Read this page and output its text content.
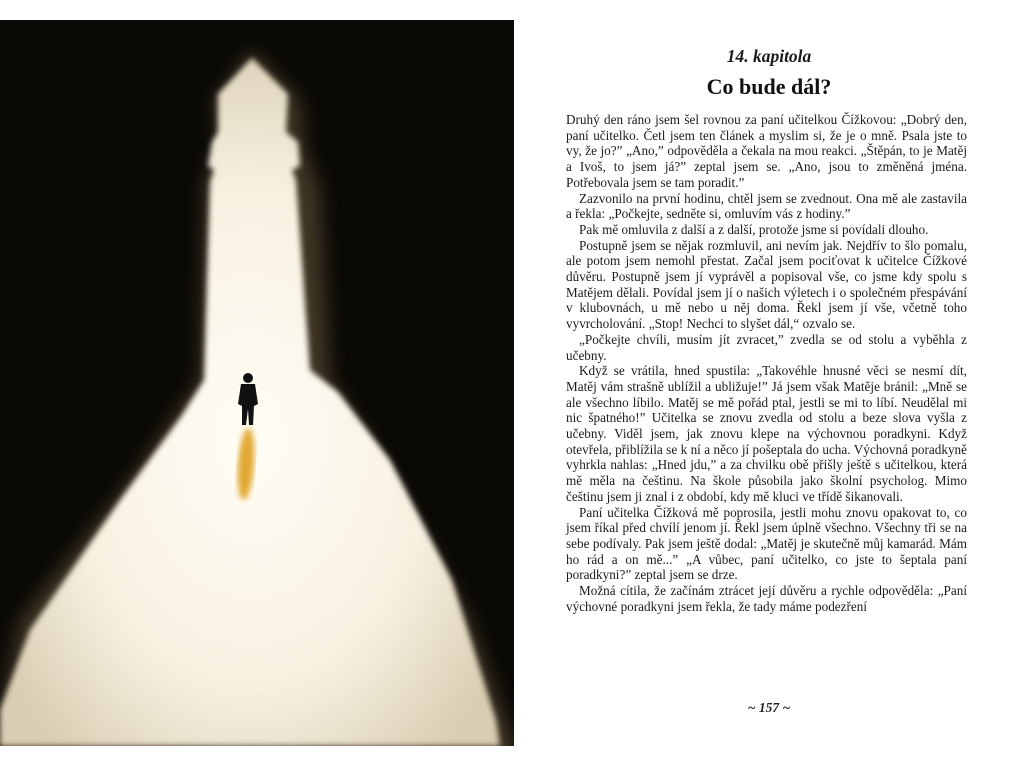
14. kapitola
Co bude dál?

Druhý den ráno jsem šel rovnou za paní učitelkou Čížkovou: „Dobrý den, paní učitelko. Četl jsem ten článek a myslim si, že je o mně. Psala jste to vy, že jo?” „Ano,” odpověděla a čekala na mou reakci. „Štěpán, to je Matěj a Ivoš, to jsem já?” zeptal jsem se. „Ano, jsou to změněná jména. Potřebovala jsem se tam poradit.”

Zazvonilo na první hodinu, chtěl jsem se zvednout. Ona mě ale zastavila a řekla: „Počkejte, sedněte si, omluvím vás z hodiny.”

Pak mě omluvila z další a z další, protože jsme si povídali dlouho.

Postupně jsem se nějak rozmluvil, ani nevím jak. Nejdřív to šlo pomalu, ale potom jsem nemohl přestat. Začal jsem pociťovat k učitelce Čížkové důvěru. Postupně jsem jí vyprávěl a popisoval vše, co jsme kdy spolu s Matějem dělali. Povídal jsem jí o našich výletech i o společném přespávání v klubovnách, u mě nebo u něj doma. Řekl jsem jí vše, včetně toho vyvrcholování. „Stop! Nechci to slyšet dál,“ ozvalo se.

„Počkejte chvíli, musím jít zvracet,” zvedla se od stolu a vyběhla z učebny.

Když se vrátila, hned spustila: „Takovéhle hnusné věci se nesmí dít, Matěj vám strašně ublížil a ubližuje!” Já jsem však Matěje bránil: „Mně se ale všechno líbilo. Matěj se mě pořád ptal, jestli se mi to líbí. Neudělal mi nic špatného!” Učitelka se znovu zvedla od stolu a beze slova vyšla z učebny. Viděl jsem, jak znovu klepe na výchovnou poradkyni. Když otevřela, přiblížila se k ní a něco jí pošeptala do ucha. Výchovná poradkyně vyhrkla nahlas: „Hned jdu,” a za chvilku obě přišly ještě s učitelkou, která mě měla na češtinu. Na škole působila jako školní psycholog. Mimo češtinu jsem ji znal i z období, kdy mě kluci ve třídě šikanovali.

Paní učitelka Čížková mě poprosila, jestli mohu znovu opakovat to, co jsem říkal před chvílí jenom jí. Řekl jsem úplně všechno. Všechny tři se na sebe podívaly. Pak jsem ještě dodal: „Matěj je skutečně můj kamarád. Mám ho rád a on mě...” „A vůbec, paní učitelko, co jste to šeptala paní poradkyni?” zeptal jsem se drze.

Možná cítila, že začínám ztrácet její důvěru a rychle odpověděla: „Paní výchovné poradkyni jsem řekla, že tady máme podezření

~ 157 ~
